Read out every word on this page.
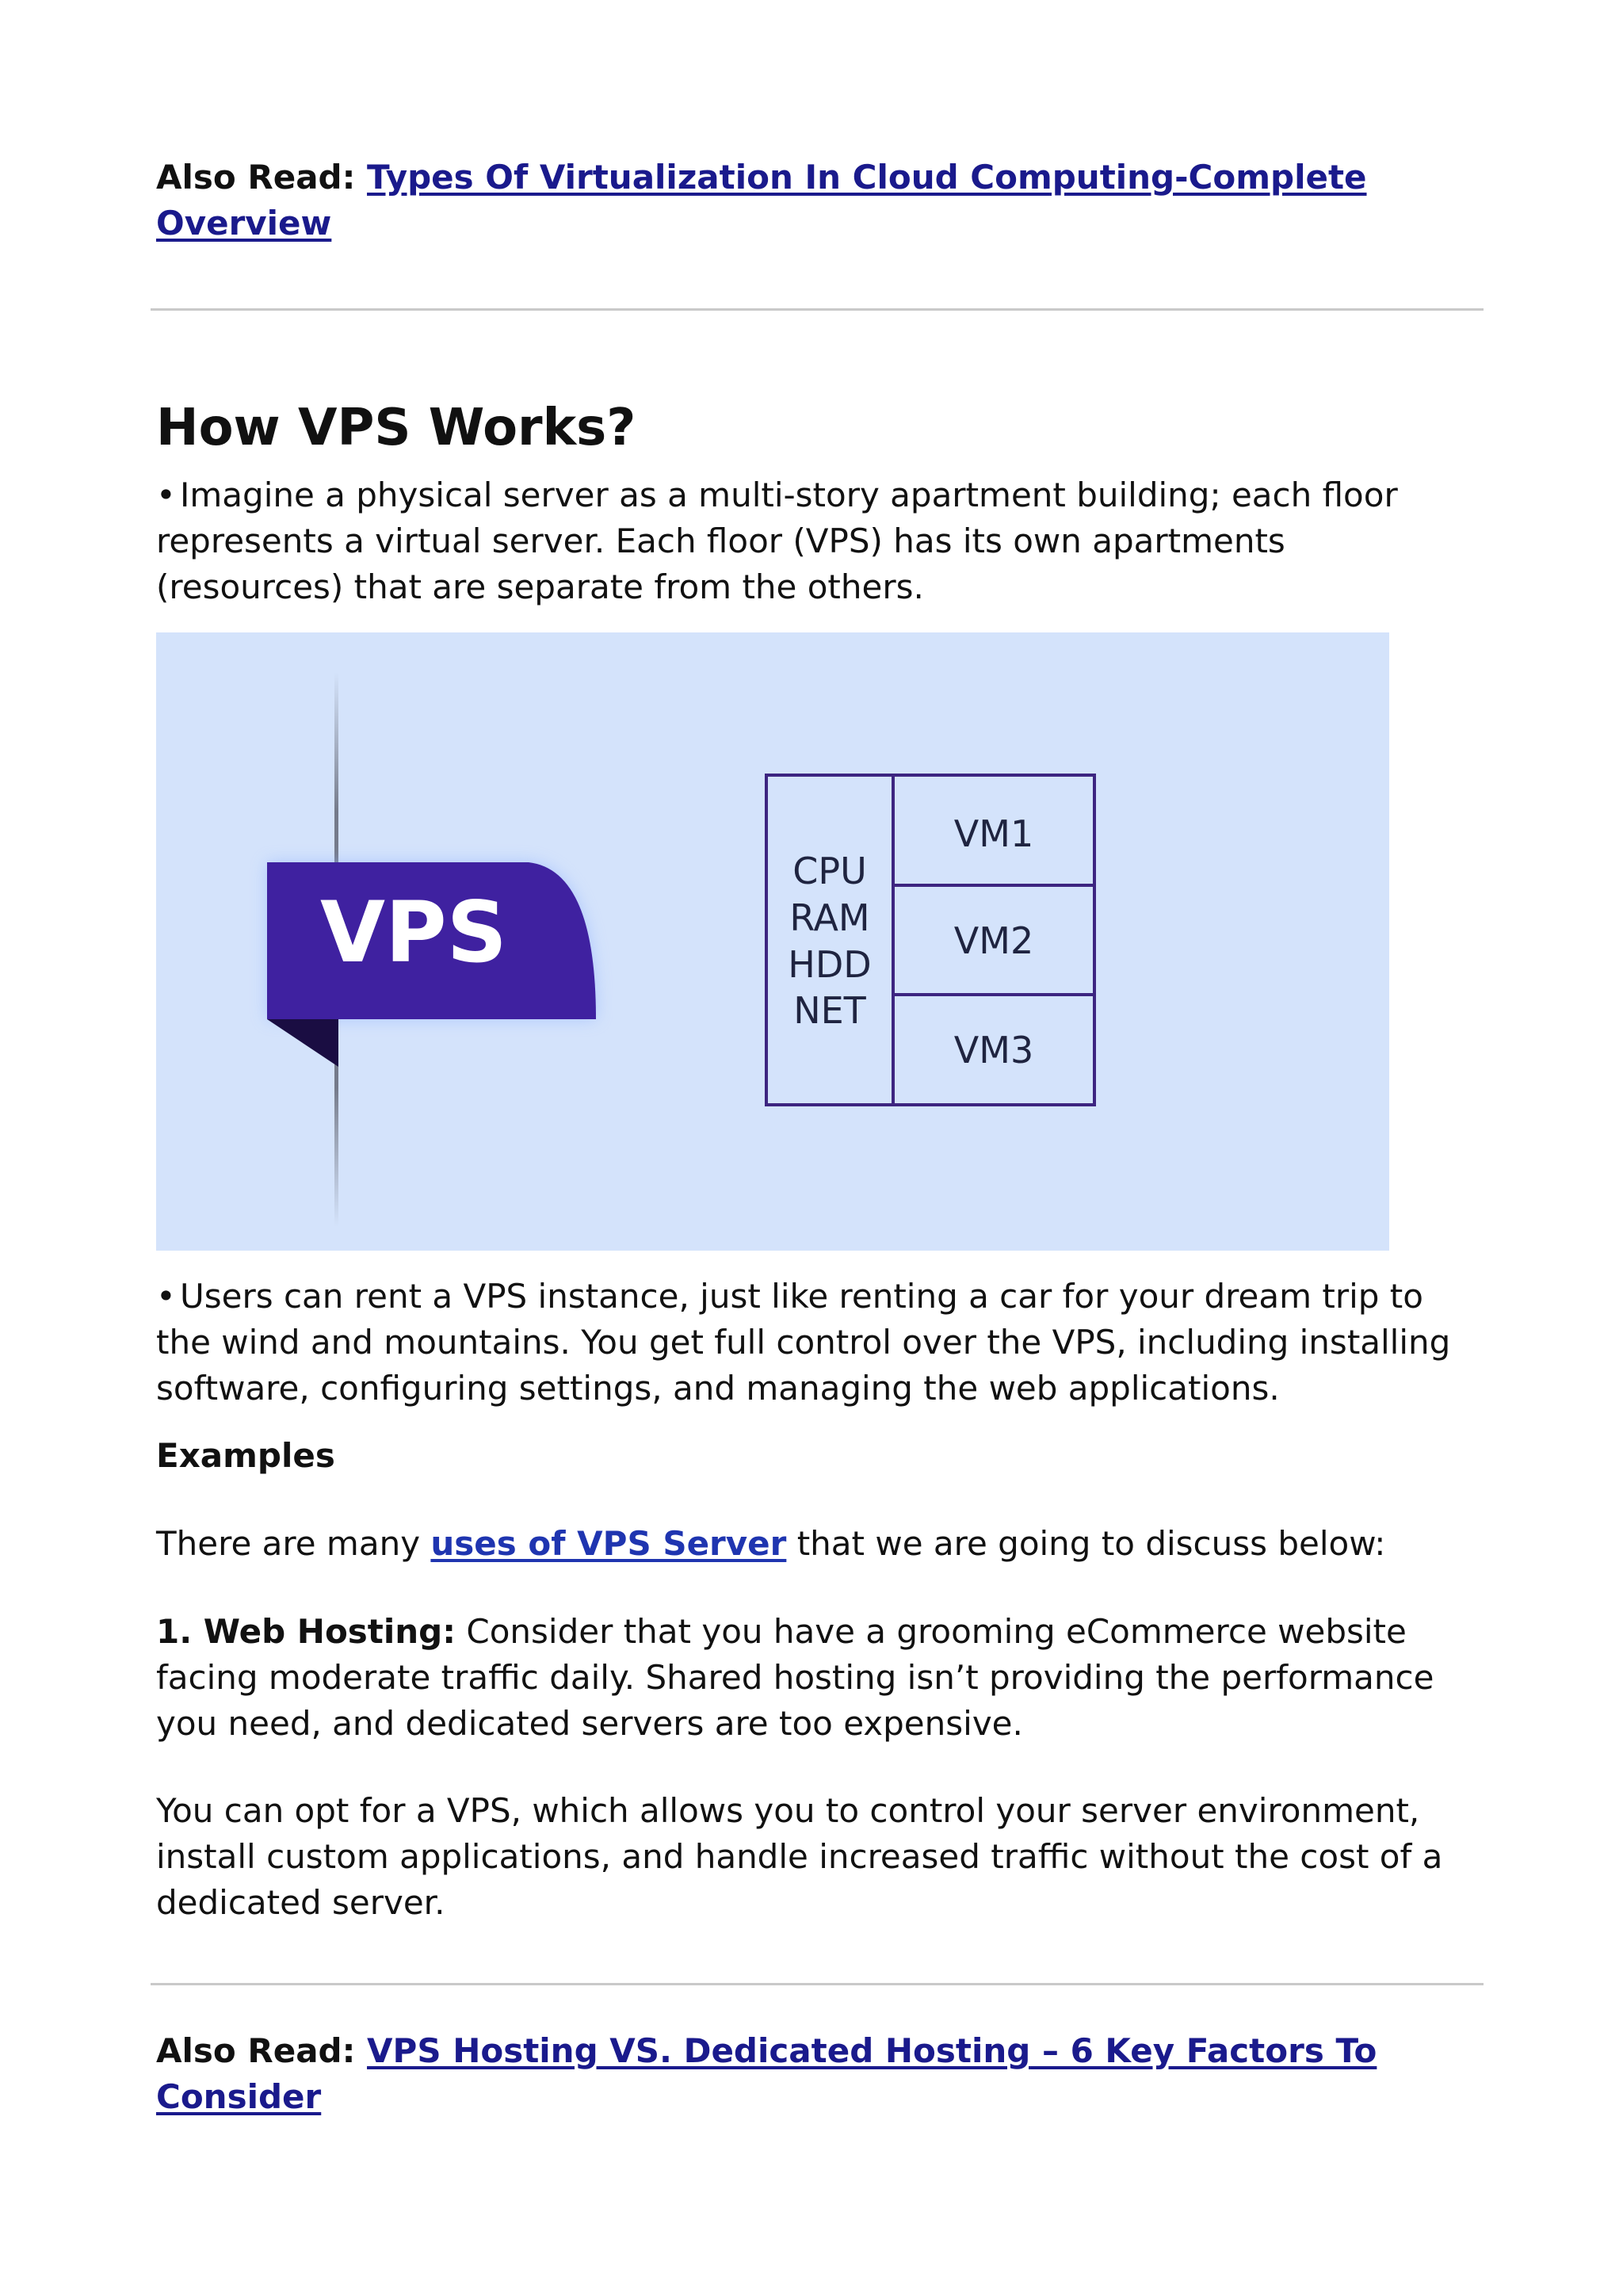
Also Read: Types Of Virtualization In Cloud Computing-Complete
Overview

How VPS Works?

• Imagine a physical server as a multi-story apartment building; each floor
represents a virtual server. Each floor (VPS) has its own apartments
(resources) that are separate from the others.

VPS
CPU
RAM
HDD
NET
VM1
VM2
VM3

• Users can rent a VPS instance, just like renting a car for your dream trip to
the wind and mountains. You get full control over the VPS, including installing
software, configuring settings, and managing the web applications.

Examples

There are many uses of VPS Server that we are going to discuss below:

1. Web Hosting: Consider that you have a grooming eCommerce website
facing moderate traffic daily. Shared hosting isn’t providing the performance
you need, and dedicated servers are too expensive.

You can opt for a VPS, which allows you to control your server environment,
install custom applications, and handle increased traffic without the cost of a
dedicated server.

Also Read: VPS Hosting VS. Dedicated Hosting – 6 Key Factors To
Consider
